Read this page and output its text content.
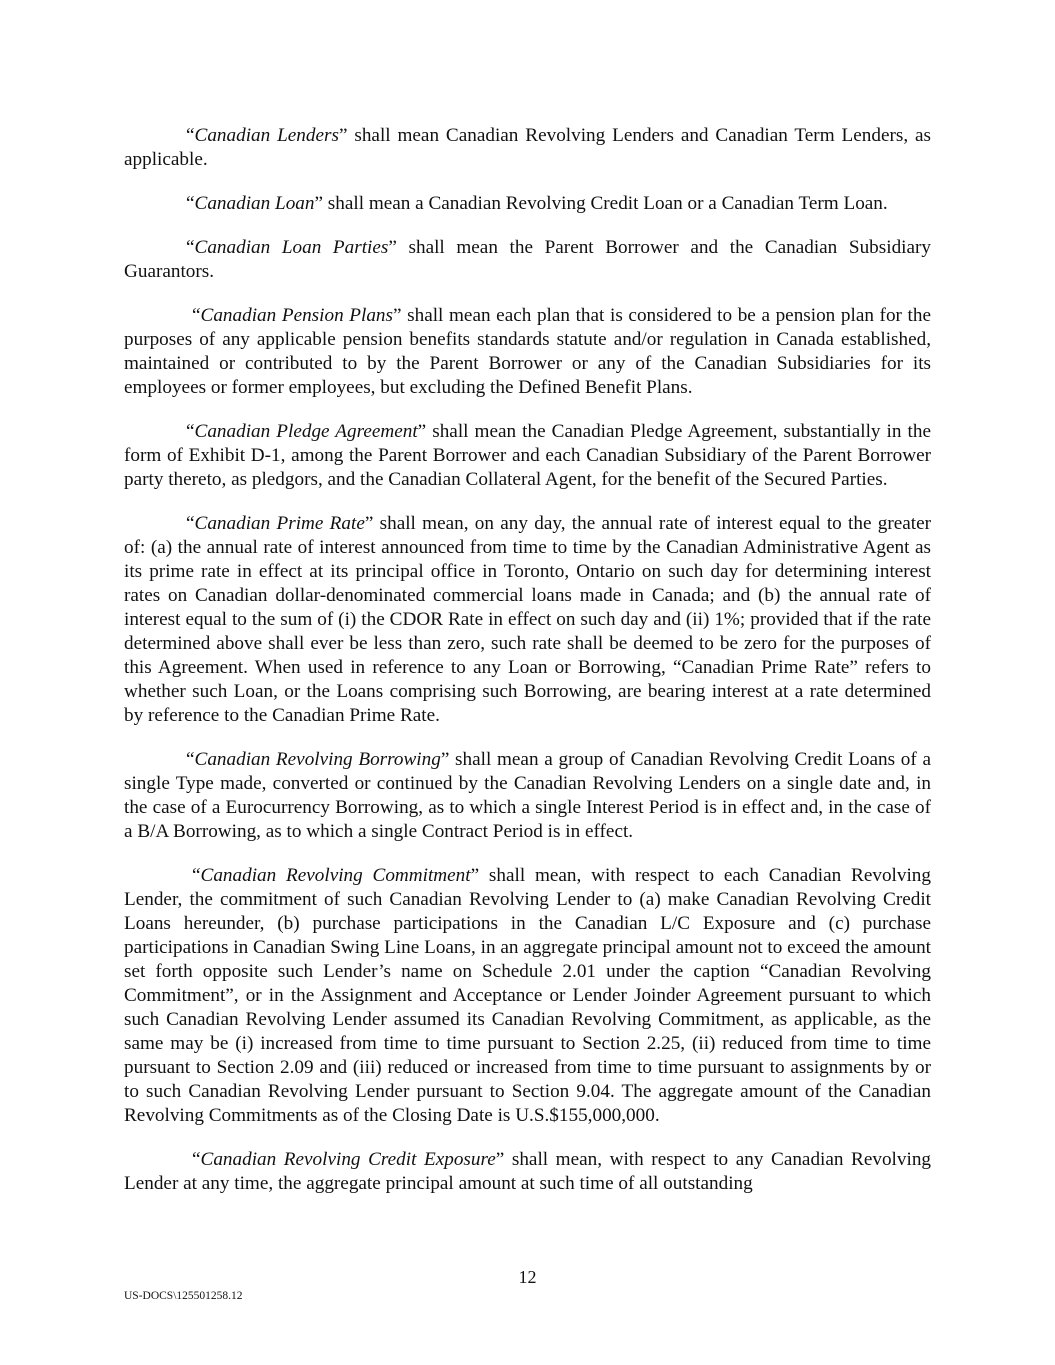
“Canadian Lenders” shall mean Canadian Revolving Lenders and Canadian Term Lenders, as applicable.

“Canadian Loan” shall mean a Canadian Revolving Credit Loan or a Canadian Term Loan.

“Canadian Loan Parties” shall mean the Parent Borrower and the Canadian Subsidiary Guarantors.

“Canadian Pension Plans” shall mean each plan that is considered to be a pension plan for the purposes of any applicable pension benefits standards statute and/or regulation in Canada established, maintained or contributed to by the Parent Borrower or any of the Canadian Subsidiaries for its employees or former employees, but excluding the Defined Benefit Plans.

“Canadian Pledge Agreement” shall mean the Canadian Pledge Agreement, substantially in the form of Exhibit D-1, among the Parent Borrower and each Canadian Subsidiary of the Parent Borrower party thereto, as pledgors, and the Canadian Collateral Agent, for the benefit of the Secured Parties.

“Canadian Prime Rate” shall mean, on any day, the annual rate of interest equal to the greater of: (a) the annual rate of interest announced from time to time by the Canadian Administrative Agent as its prime rate in effect at its principal office in Toronto, Ontario on such day for determining interest rates on Canadian dollar-denominated commercial loans made in Canada; and (b) the annual rate of interest equal to the sum of (i) the CDOR Rate in effect on such day and (ii) 1%; provided that if the rate determined above shall ever be less than zero, such rate shall be deemed to be zero for the purposes of this Agreement. When used in reference to any Loan or Borrowing, “Canadian Prime Rate” refers to whether such Loan, or the Loans comprising such Borrowing, are bearing interest at a rate determined by reference to the Canadian Prime Rate.

“Canadian Revolving Borrowing” shall mean a group of Canadian Revolving Credit Loans of a single Type made, converted or continued by the Canadian Revolving Lenders on a single date and, in the case of a Eurocurrency Borrowing, as to which a single Interest Period is in effect and, in the case of a B/A Borrowing, as to which a single Contract Period is in effect.

“Canadian Revolving Commitment” shall mean, with respect to each Canadian Revolving Lender, the commitment of such Canadian Revolving Lender to (a) make Canadian Revolving Credit Loans hereunder, (b) purchase participations in the Canadian L/C Exposure and (c) purchase participations in Canadian Swing Line Loans, in an aggregate principal amount not to exceed the amount set forth opposite such Lender’s name on Schedule 2.01 under the caption “Canadian Revolving Commitment”, or in the Assignment and Acceptance or Lender Joinder Agreement pursuant to which such Canadian Revolving Lender assumed its Canadian Revolving Commitment, as applicable, as the same may be (i) increased from time to time pursuant to Section 2.25, (ii) reduced from time to time pursuant to Section 2.09 and (iii) reduced or increased from time to time pursuant to assignments by or to such Canadian Revolving Lender pursuant to Section 9.04. The aggregate amount of the Canadian Revolving Commitments as of the Closing Date is U.S.$155,000,000.

“Canadian Revolving Credit Exposure” shall mean, with respect to any Canadian Revolving Lender at any time, the aggregate principal amount at such time of all outstanding

12
US-DOCS\125501258.12
